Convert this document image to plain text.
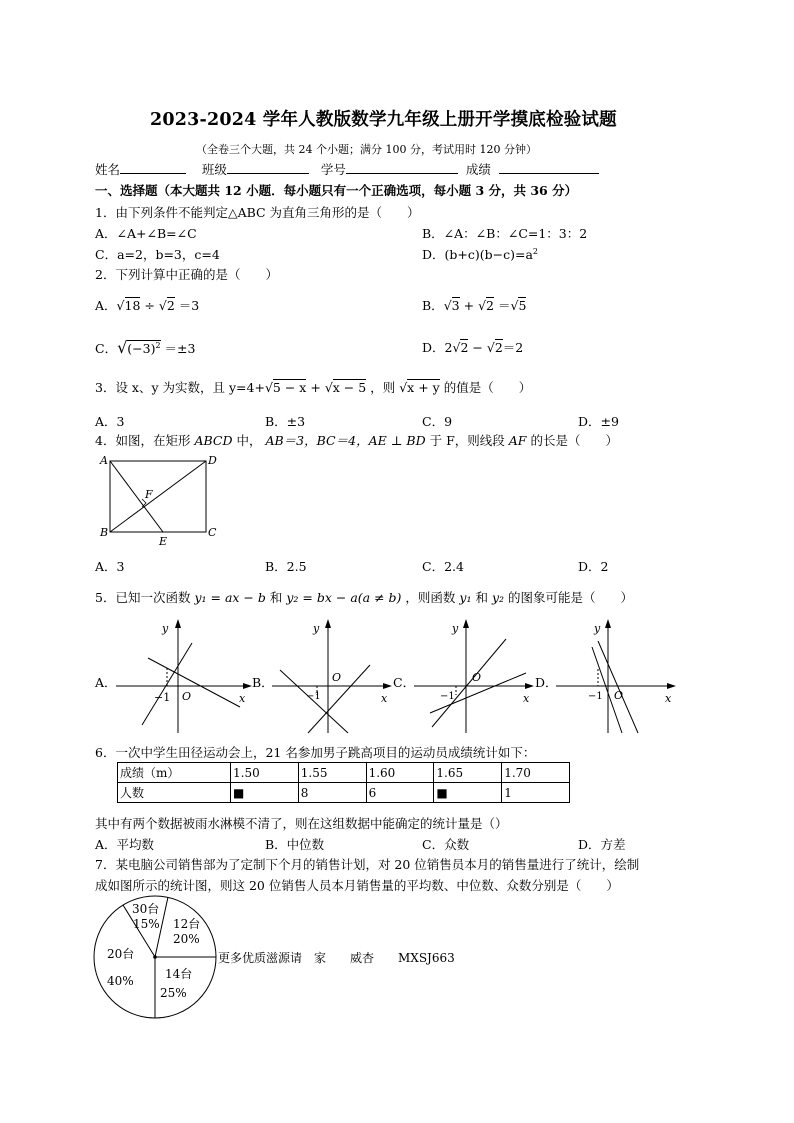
2023-2024 学年人教版数学九年级上册开学摸底检验试题
（全卷三个大题，共 24 个小题；满分 100 分，考试用时 120 分钟）
姓名	班级	学号	成绩
一、选择题（本大题共 12 小题．每小题只有一个正确选项，每小题 3 分，共 36 分）
1．由下列条件不能判定△ABC 为直角三角形的是（　　）
A．∠A+∠B=∠C	B．∠A：∠B：∠C=1：3：2
C．a=2，b=3，c=4	D．$(b+c)(b-c)=a^2$
2．下列计算中正确的是（　　）
A．√18 ÷ √2 ＝3	B．√3 + √2 ＝√5
C．$√(-3)^2 =\pm 3$	D．2√2 − √2＝2
3．设 x、y 为实数，且 y=4+√5 − x + √x − 5 ，则 √x + y 的值是（　　）
A．3	B．±3	C．9	D．±9
4．如图，在矩形 ABCD 中， AB＝3，BC＝4，AE ⊥ BD 于 F，则线段 AF 的长是（　　）
A	D
B	C
E
F
A．3	B．2.5	C．2.4	D．2
5．已知一次函数 y₁ = ax − b 和 y₂ = bx − a(a ≠ b) ，则函数 y₁ 和 y₂ 的图象可能是（　　）
A．	B．	C．	D．
y
x
O
−1
y
x
O
−1
y
x
O
−1
y
x
O
−1
6．一次中学生田径运动会上，21 名参加男子跳高项目的运动员成绩统计如下：
成绩（m）	1.50	1.55	1.60	1.65	1.70
人数	■	8	6	■	1
其中有两个数据被雨水淋模不清了，则在这组数据中能确定的统计量是（）
A．平均数	B．中位数	C．众数	D．方差
7．某电脑公司销售部为了定制下个月的销售计划，对 20 位销售员本月的销售量进行了统计，绘制
成如图所示的统计图，则这 20 位销售人员本月销售量的平均数、中位数、众数分别是（　　）
30台
15% 12台
20%
14台
25%
20台
40%
更多优质滋源请　家　　威杏　　MXSJ663
